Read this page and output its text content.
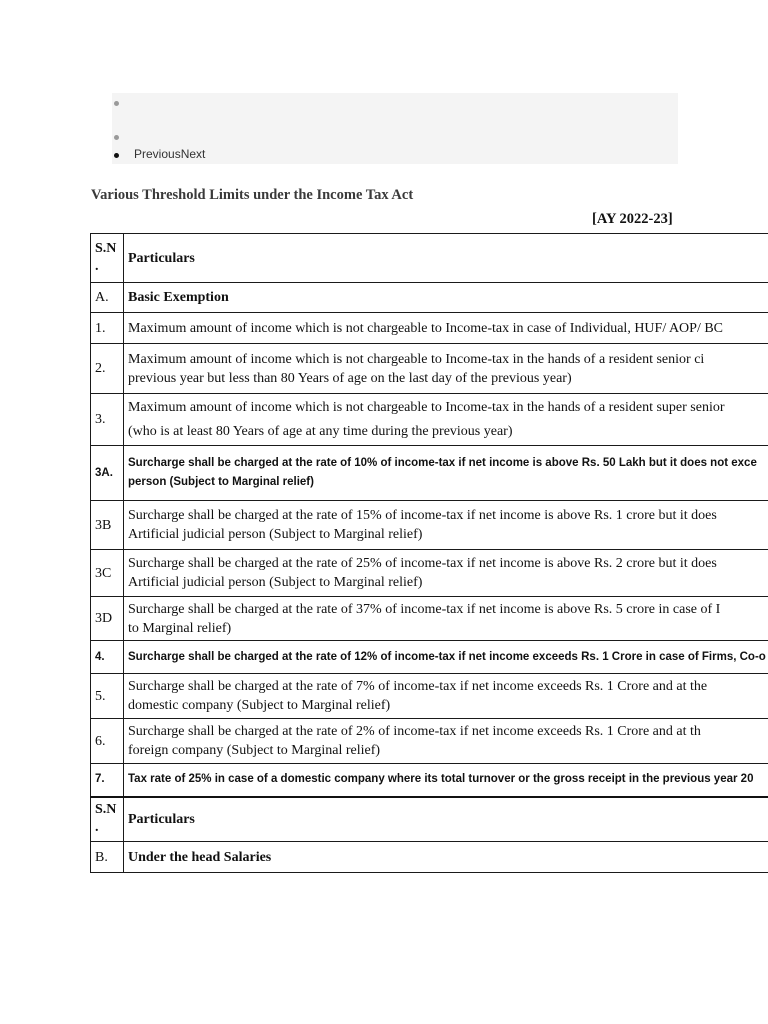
PreviousNext
Various Threshold Limits under the Income Tax Act
[AY 2022-23]
S.N .	Particulars

A.	Basic Exemption

1.	Maximum amount of income which is not chargeable to Income-tax in case of Individual, HUF/ AOP/ BC

2.	Maximum amount of income which is not chargeable to Income-tax in the hands of a resident senior ci
previous year but less than 80 Years of age on the last day of the previous year)

3.	Maximum amount of income which is not chargeable to Income-tax in the hands of a resident super senior
(who is at least 80 Years of age at any time during the previous year)

3A.	Surcharge shall be charged at the rate of 10% of income-tax if net income is above Rs. 50 Lakh but it does not exce
person (Subject to Marginal relief)

3B	Surcharge shall be charged at the rate of 15% of income-tax if net income is above Rs. 1 crore but it does
Artificial judicial person (Subject to Marginal relief)

3C	Surcharge shall be charged at the rate of 25% of income-tax if net income is above Rs. 2 crore but it does
Artificial judicial person (Subject to Marginal relief)

3D	Surcharge shall be charged at the rate of 37% of income-tax if net income is above Rs. 5 crore in case of I
to Marginal relief)

4.	Surcharge shall be charged at the rate of 12% of income-tax if net income exceeds Rs. 1 Crore in case of Firms, Co-o

5.	Surcharge shall be charged at the rate of 7% of income-tax if net income exceeds Rs. 1 Crore and at the
domestic company (Subject to Marginal relief)

6.	Surcharge shall be charged at the rate of 2% of income-tax if net income exceeds Rs. 1 Crore and at th
foreign company (Subject to Marginal relief)

7.	Tax rate of 25% in case of a domestic company where its total turnover or the gross receipt in the previous year 20

S.N .	Particulars

B.	Under the head Salaries
